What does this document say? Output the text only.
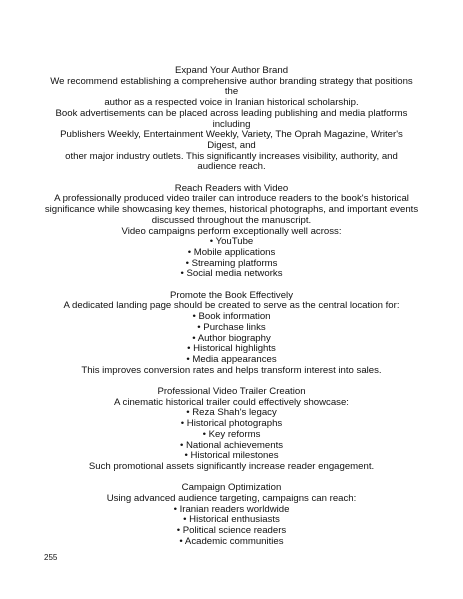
Expand Your Author Brand
We recommend establishing a comprehensive author branding strategy that positions
the
author as a respected voice in Iranian historical scholarship.
Book advertisements can be placed across leading publishing and media platforms
including
Publishers Weekly, Entertainment Weekly, Variety, The Oprah Magazine, Writer's
Digest, and
other major industry outlets. This significantly increases visibility, authority, and
audience reach.
Reach Readers with Video
A professionally produced video trailer can introduce readers to the book's historical
significance while showcasing key themes, historical photographs, and important events
discussed throughout the manuscript.
Video campaigns perform exceptionally well across:
• YouTube
• Mobile applications
• Streaming platforms
• Social media networks
Promote the Book Effectively
A dedicated landing page should be created to serve as the central location for:
• Book information
• Purchase links
• Author biography
• Historical highlights
• Media appearances
This improves conversion rates and helps transform interest into sales.
Professional Video Trailer Creation
A cinematic historical trailer could effectively showcase:
• Reza Shah's legacy
• Historical photographs
• Key reforms
• National achievements
• Historical milestones
Such promotional assets significantly increase reader engagement.
Campaign Optimization
Using advanced audience targeting, campaigns can reach:
• Iranian readers worldwide
• Historical enthusiasts
• Political science readers
• Academic communities
255
